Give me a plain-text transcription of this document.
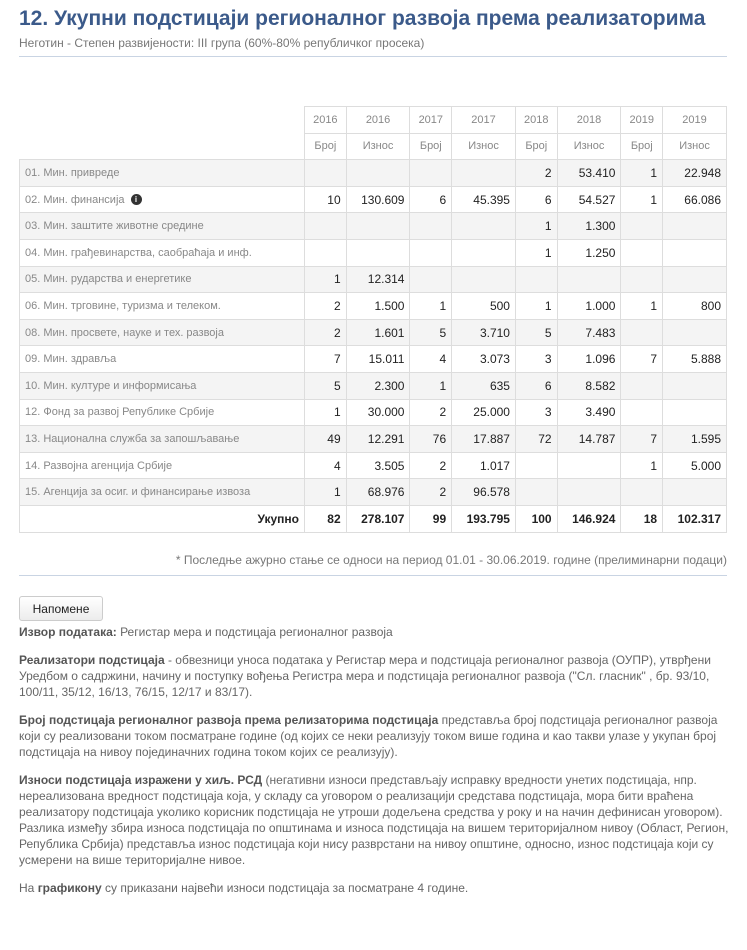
12. Укупни подстицаји регионалног развоја према реализаторима
Неготин - Степен развијености: III група (60%-80% републичког просека)
	2016	2016	2017	2017	2018	2018	2019	2019
	Број	Износ	Број	Износ	Број	Износ	Број	Износ
01. Мин. привреде					2	53.410	1	22.948
02. Мин. финансија i	10	130.609	6	45.395	6	54.527	1	66.086
03. Мин. заштите животне средине					1	1.300		
04. Мин. грађевинарства, саобраћаја и инф.					1	1.250		
05. Мин. рударства и енергетике	1	12.314						
06. Мин. трговине, туризма и телеком.	2	1.500	1	500	1	1.000	1	800
08. Мин. просвете, науке и тех. развоја	2	1.601	5	3.710	5	7.483		
09. Мин. здравља	7	15.011	4	3.073	3	1.096	7	5.888
10. Мин. културе и информисања	5	2.300	1	635	6	8.582		
12. Фонд за развој Републике Србије	1	30.000	2	25.000	3	3.490		
13. Национална служба за запошљавање	49	12.291	76	17.887	72	14.787	7	1.595
14. Развојна агенција Србије	4	3.505	2	1.017			1	5.000
15. Агенција за осиг. и финансирање извоза	1	68.976	2	96.578				
Укупно	82	278.107	99	193.795	100	146.924	18	102.317
* Последње ажурно стање се односи на период 01.01 - 30.06.2019. године (прелиминарни подаци)
Напомене

Извор података: Регистар мера и подстицаја регионалног развоја

Реализатори подстицаја - обвезници уноса података у Регистар мера и подстицаја регионалног развоја (ОУПР), утврђени Уредбом о садржини, начину и поступку вођења Регистра мера и подстицаја регионалног развоја ("Сл. гласник" , бр. 93/10, 100/11, 35/12, 16/13, 76/15, 12/17 и 83/17).

Број подстицаја регионалног развоја према релизаторима подстицаја представља број подстицаја регионалног развоја који су реализовани током посматране године (од којих се неки реализују током више година и као такви улазе у укупан број подстицаја на нивоу појединачних година током којих се реализују).

Износи подстицаја изражени у хиљ. РСД (негативни износи представљају исправку вредности унетих подстицаја, нпр. нереализована вредност подстицаја која, у складу са уговором о реализацији средстава подстицаја, мора бити враћена реализатору подстицаја уколико корисник подстицаја не утроши додељена средства у року и на начин дефинисан уговором).
Разлика између збира износа подстицаја по општинама и износа подстицаја на вишем територијалном нивоу (Област, Регион, Република Србија) представља износ подстицаја који нису разврстани на нивоу општине, односно, износ подстицаја који су усмерени на више територијалне нивое.

На графикону су приказани највећи износи подстицаја за посматране 4 године.
